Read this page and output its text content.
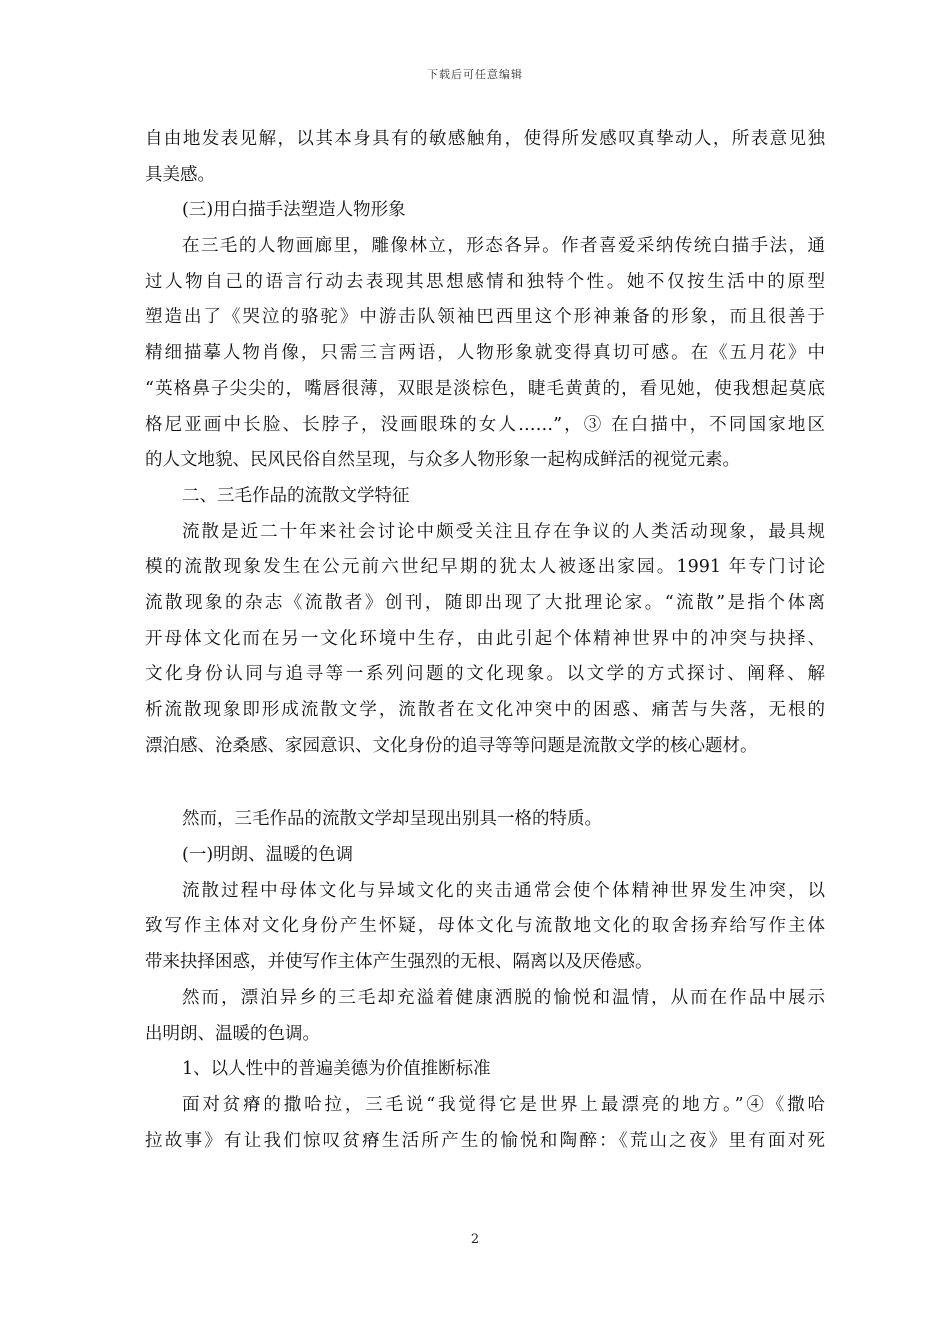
下载后可任意编辑
自由地发表见解，以其本身具有的敏感触角，使得所发感叹真挚动人，所表意见独
具美感。
(三)用白描手法塑造人物形象
在三毛的人物画廊里，雕像林立，形态各异。作者喜爱采纳传统白描手法，通
过人物自己的语言行动去表现其思想感情和独特个性。她不仅按生活中的原型
塑造出了《哭泣的骆驼》中游击队领袖巴西里这个形神兼备的形象，而且很善于
精细描摹人物肖像，只需三言两语，人物形象就变得真切可感。在《五月花》中
“英格鼻子尖尖的，嘴唇很薄，双眼是淡棕色，睫毛黄黄的，看见她，使我想起莫底
格尼亚画中长脸、长脖子，没画眼珠的女人……”，③ 在白描中，不同国家地区
的人文地貌、民风民俗自然呈现，与众多人物形象一起构成鲜活的视觉元素。
二、三毛作品的流散文学特征
流散是近二十年来社会讨论中颇受关注且存在争议的人类活动现象，最具规
模的流散现象发生在公元前六世纪早期的犹太人被逐出家园。1991 年专门讨论
流散现象的杂志《流散者》创刊，随即出现了大批理论家。“流散”是指个体离
开母体文化而在另一文化环境中生存，由此引起个体精神世界中的冲突与抉择、
文化身份认同与追寻等一系列问题的文化现象。以文学的方式探讨、阐释、解
析流散现象即形成流散文学，流散者在文化冲突中的困惑、痛苦与失落，无根的
漂泊感、沧桑感、家园意识、文化身份的追寻等等问题是流散文学的核心题材。
然而，三毛作品的流散文学却呈现出别具一格的特质。
(一)明朗、温暖的色调
流散过程中母体文化与异域文化的夹击通常会使个体精神世界发生冲突，以
致写作主体对文化身份产生怀疑，母体文化与流散地文化的取舍扬弃给写作主体
带来抉择困惑，并使写作主体产生强烈的无根、隔离以及厌倦感。
然而，漂泊异乡的三毛却充溢着健康洒脱的愉悦和温情，从而在作品中展示
出明朗、温暖的色调。
1、以人性中的普遍美德为价值推断标准
面对贫瘠的撒哈拉，三毛说“我觉得它是世界上最漂亮的地方。”④《撒哈
拉故事》有让我们惊叹贫瘠生活所产生的愉悦和陶醉：《荒山之夜》里有面对死
2
